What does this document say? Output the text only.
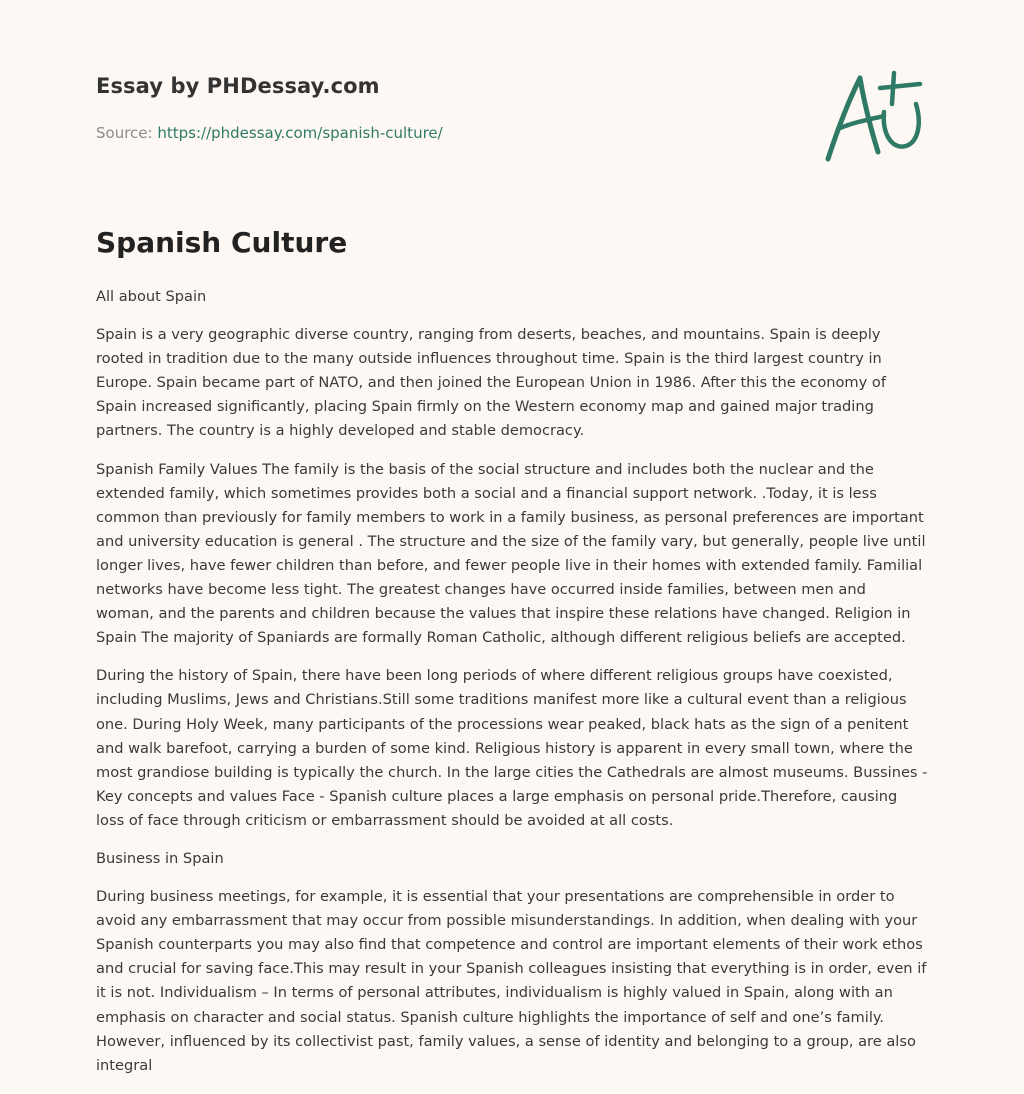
Essay by PHDessay.com

Source: https://phdessay.com/spanish-culture/

Spanish Culture

All about Spain

Spain is a very geographic diverse country, ranging from deserts, beaches, and mountains. Spain is deeply rooted in tradition due to the many outside influences throughout time. Spain is the third largest country in Europe. Spain became part of NATO, and then joined the European Union in 1986. After this the economy of Spain increased significantly, placing Spain firmly on the Western economy map and gained major trading partners. The country is a highly developed and stable democracy.

Spanish Family Values The family is the basis of the social structure and includes both the nuclear and the extended family, which sometimes provides both a social and a financial support network. .Today, it is less common than previously for family members to work in a family business, as personal preferences are important and university education is general . The structure and the size of the family vary, but generally, people live until longer lives, have fewer children than before, and fewer people live in their homes with extended family. Familial networks have become less tight. The greatest changes have occurred inside families, between men and woman, and the parents and children because the values that inspire these relations have changed. Religion in Spain The majority of Spaniards are formally Roman Catholic, although different religious beliefs are accepted.

During the history of Spain, there have been long periods of where different religious groups have coexisted, including Muslims, Jews and Christians.Still some traditions manifest more like a cultural event than a religious one. During Holy Week, many participants of the processions wear peaked, black hats as the sign of a penitent and walk barefoot, carrying a burden of some kind. Religious history is apparent in every small town, where the most grandiose building is typically the church. In the large cities the Cathedrals are almost museums. Bussines - Key concepts and values Face - Spanish culture places a large emphasis on personal pride.Therefore, causing loss of face through criticism or embarrassment should be avoided at all costs.

Business in Spain

During business meetings, for example, it is essential that your presentations are comprehensible in order to avoid any embarrassment that may occur from possible misunderstandings. In addition, when dealing with your Spanish counterparts you may also find that competence and control are important elements of their work ethos and crucial for saving face.This may result in your Spanish colleagues insisting that everything is in order, even if it is not. Individualism – In terms of personal attributes, individualism is highly valued in Spain, along with an emphasis on character and social status. Spanish culture highlights the importance of self and one’s family. However, influenced by its collectivist past, family values, a sense of identity and belonging to a group, are also integral
